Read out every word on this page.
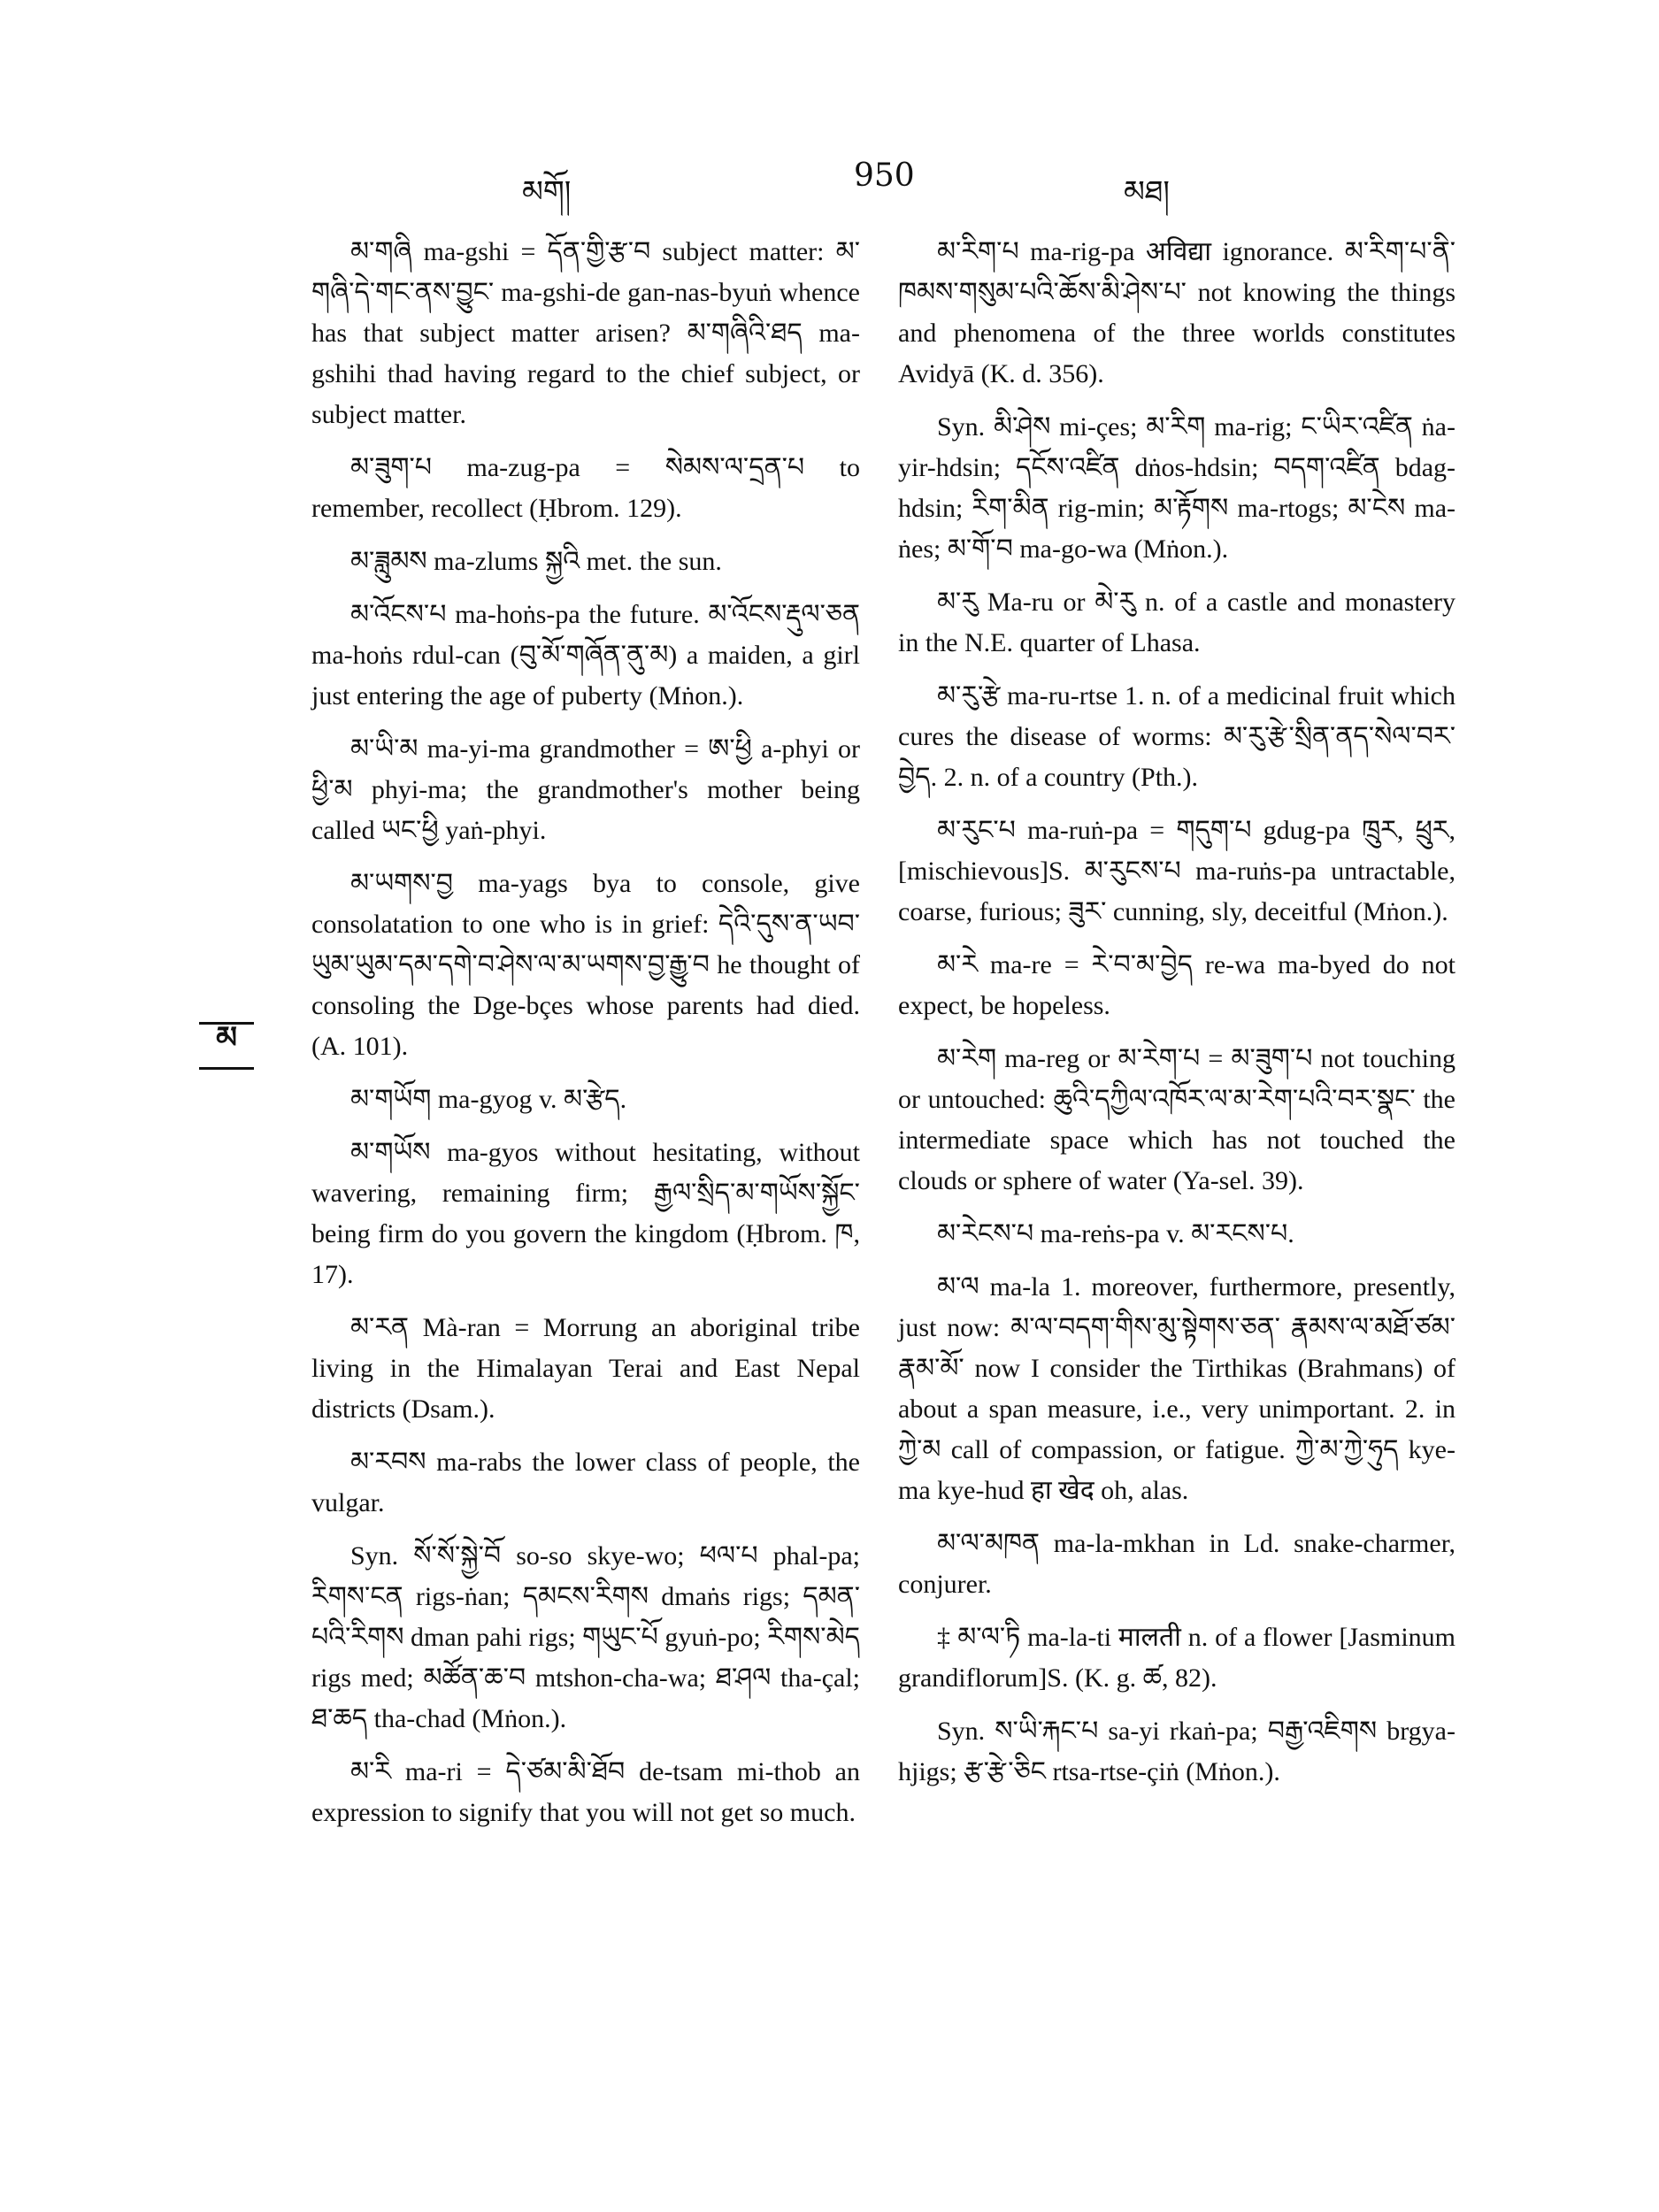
མགོ།	950	མཐ།
མ

མ་གཞི ma-gshi = དོན་གྱི་རྩ་བ subject matter: མ་གཞི་དེ་གང་ནས་བྱུང་ ma-gshi-de gan-nas-byuṅ whence has that subject matter arisen? མ་གཞིའི་ཐད ma-gshihi thad having regard to the chief subject, or subject matter.

མ་ཟུག་པ ma-zug-pa = སེམས་ལ་དྲན་པ to remember, recollect (Ḥbrom. 129).

མ་ཟླུམས ma-zlums སྐྱའི met. the sun.

མ་འོངས་པ ma-hoṅs-pa the future. མ་འོངས་རྡུལ་ཅན ma-hoṅs rdul-can (བུ་མོ་གཞོན་ནུ་མ) a maiden, a girl just entering the age of puberty (Mṅon.).

མ་ཡི་མ ma-yi-ma grandmother = ཨ་ཕྱི a-phyi or ཕྱི་མ phyi-ma; the grandmother's mother being called ཡང་ཕྱི yaṅ-phyi.

མ་ཡགས་བྱ ma-yags bya to console, give consolatation to one who is in grief: དེའི་དུས་ན་ཡབ་ཡུམ་ཡུམ་དམ་དགེ་བ་ཤེས་ལ་མ་ཡགས་བྱ་རྒྱུ་བ he thought of consoling the Dge-bçes whose parents had died. (A. 101).

མ་གཡོག ma-gyog v. མ་རྩེད.

མ་གཡོས ma-gyos without hesitating, without wavering, remaining firm; རྒྱལ་སྲིད་མ་གཡོས་སྐྱོང་ being firm do you govern the kingdom (Ḥbrom. ཁ, 17).

མ་རན Mà-ran = Morrung an aboriginal tribe living in the Himalayan Terai and East Nepal districts (Dsam.).

མ་རབས ma-rabs the lower class of people, the vulgar.

Syn. སོ་སོ་སྐྱེ་བོ so-so skye-wo; ཕལ་པ phal-pa; རིགས་ངན rigs-ṅan; དམངས་རིགས dmaṅs rigs; དམན་པའི་རིགས dman pahi rigs; གཡུང་པོ gyuṅ-po; རིགས་མེད rigs med; མཚོན་ཆ་བ mtshon-cha-wa; ཐ་ཤལ tha-çal; ཐ་ཆད tha-chad (Mṅon.).

མ་རི ma-ri = དེ་ཙམ་མི་ཐོབ de-tsam mi-thob an expression to signify that you will not get so much.

མ་རིག་པ ma-rig-pa अविद्या ignorance. མ་རིག་པ་ནི་ཁམས་གསུམ་པའི་ཆོས་མི་ཤེས་པ་ not knowing the things and phenomena of the three worlds constitutes Avidyā (K. d. 356).

Syn. མི་ཤེས mi-çes; མ་རིག ma-rig; ང་ཡིར་འཛིན ṅa-yir-hdsin; དངོས་འཛིན dṅos-hdsin; བདག་འཛིན bdag-hdsin; རིག་མིན rig-min; མ་རྟོགས ma-rtogs; མ་ངེས ma-ṅes; མ་གོ་བ ma-go-wa (Mṅon.).

མ་རུ Ma-ru or མེ་རུ n. of a castle and monastery in the N.E. quarter of Lhasa.

མ་རུ་རྩེ ma-ru-rtse 1. n. of a medicinal fruit which cures the disease of worms: མ་རུ་རྩེ་སྲིན་ནད་སེལ་བར་བྱེད. 2. n. of a country (Pth.).

མ་རུང་པ ma-ruṅ-pa = གདུག་པ gdug-pa ཁྲུར, ཕྲུར, [mischievous]S. མ་རུངས་པ ma-ruṅs-pa untractable, coarse, furious; ཟུར་ cunning, sly, deceitful (Mṅon.).

མ་རེ ma-re = རེ་བ་མ་བྱེད re-wa ma-byed do not expect, be hopeless.

མ་རེག ma-reg or མ་རེག་པ = མ་ཟུག་པ not touching or untouched: ཆུའི་དཀྱིལ་འཁོར་ལ་མ་རེག་པའི་བར་སྣང་ the intermediate space which has not touched the clouds or sphere of water (Ya-sel. 39).

མ་རེངས་པ ma-reṅs-pa v. མ་རངས་པ.

མ་ལ ma-la 1. moreover, furthermore, presently, just now: མ་ལ་བདག་གིས་མུ་སྟེགས་ཅན་ རྣམས་ལ་མཐོ་ཙམ་རྣམ་མོ་ now I consider the Tirthikas (Brahmans) of about a span measure, i.e., very unimportant. 2. in ཀྱེ་མ call of compassion, or fatigue. ཀྱེ་མ་ཀྱེ་ཧུད kye-ma kye-hud हा खेद oh, alas.

མ་ལ་མཁན ma-la-mkhan in Ld. snake-charmer, conjurer.

‡ མ་ལ་ཏི ma-la-ti मालती n. of a flower [Jasminum grandiflorum]S. (K. g. ཚ, 82).

Syn. ས་ཡི་རྐང་པ sa-yi rkaṅ-pa; བརྒྱ་འཇིགས brgya-hjigs; རྩ་རྩེ་ཅིང rtsa-rtse-çiṅ (Mṅon.).
